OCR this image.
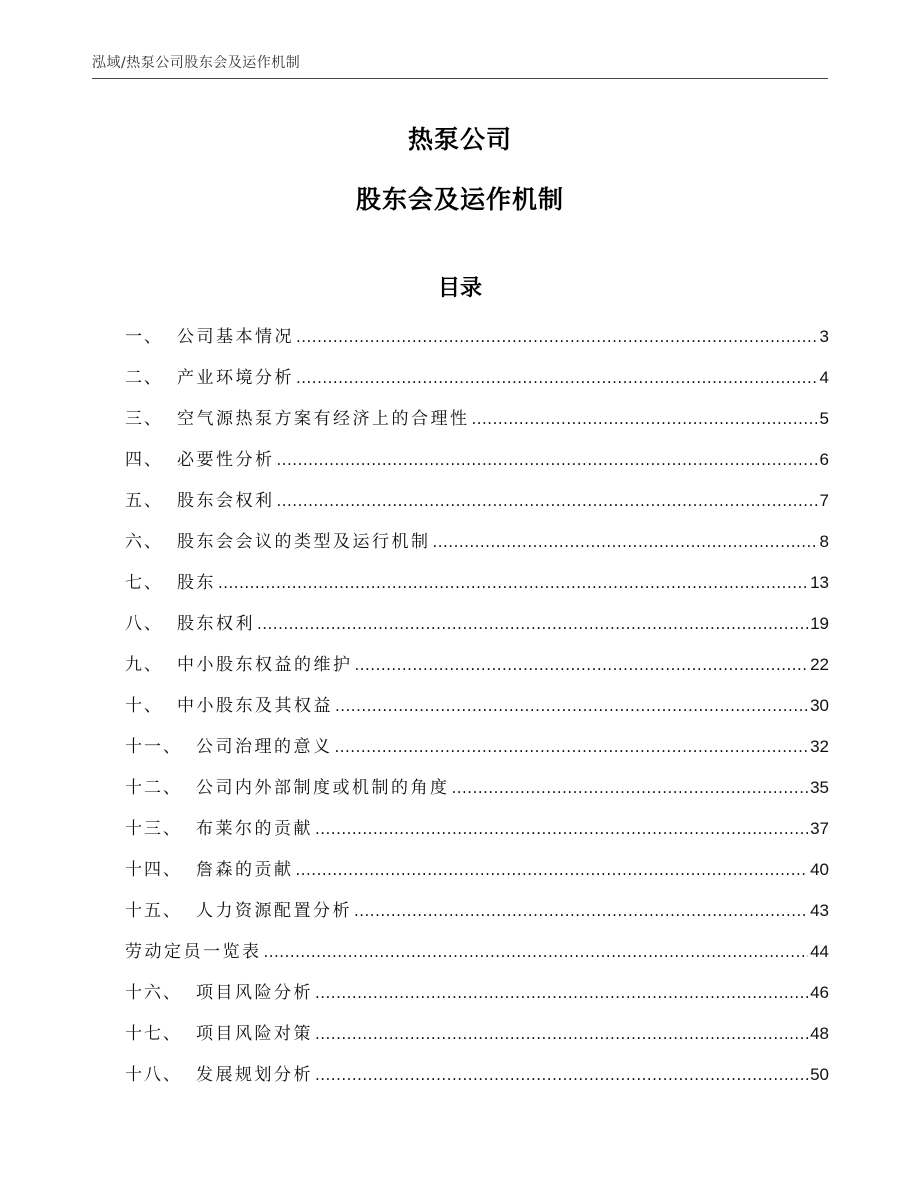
泓域/热泵公司股东会及运作机制
热泵公司
股东会及运作机制
目录
一、 公司基本情况 .....	3
二、 产业环境分析 .....	4
三、 空气源热泵方案有经济上的合理性 .....	5
四、 必要性分析 .....	6
五、 股东会权利 .....	7
六、 股东会会议的类型及运行机制 .....	8
七、 股东 .....	13
八、 股东权利 .....	19
九、 中小股东权益的维护 .....	22
十、 中小股东及其权益 .....	30
十一、 公司治理的意义 .....	32
十二、 公司内外部制度或机制的角度 .....	35
十三、 布莱尔的贡献 .....	37
十四、 詹森的贡献 .....	40
十五、 人力资源配置分析 .....	43
劳动定员一览表 .....	44
十六、 项目风险分析 .....	46
十七、 项目风险对策 .....	48
十八、 发展规划分析 .....	50
